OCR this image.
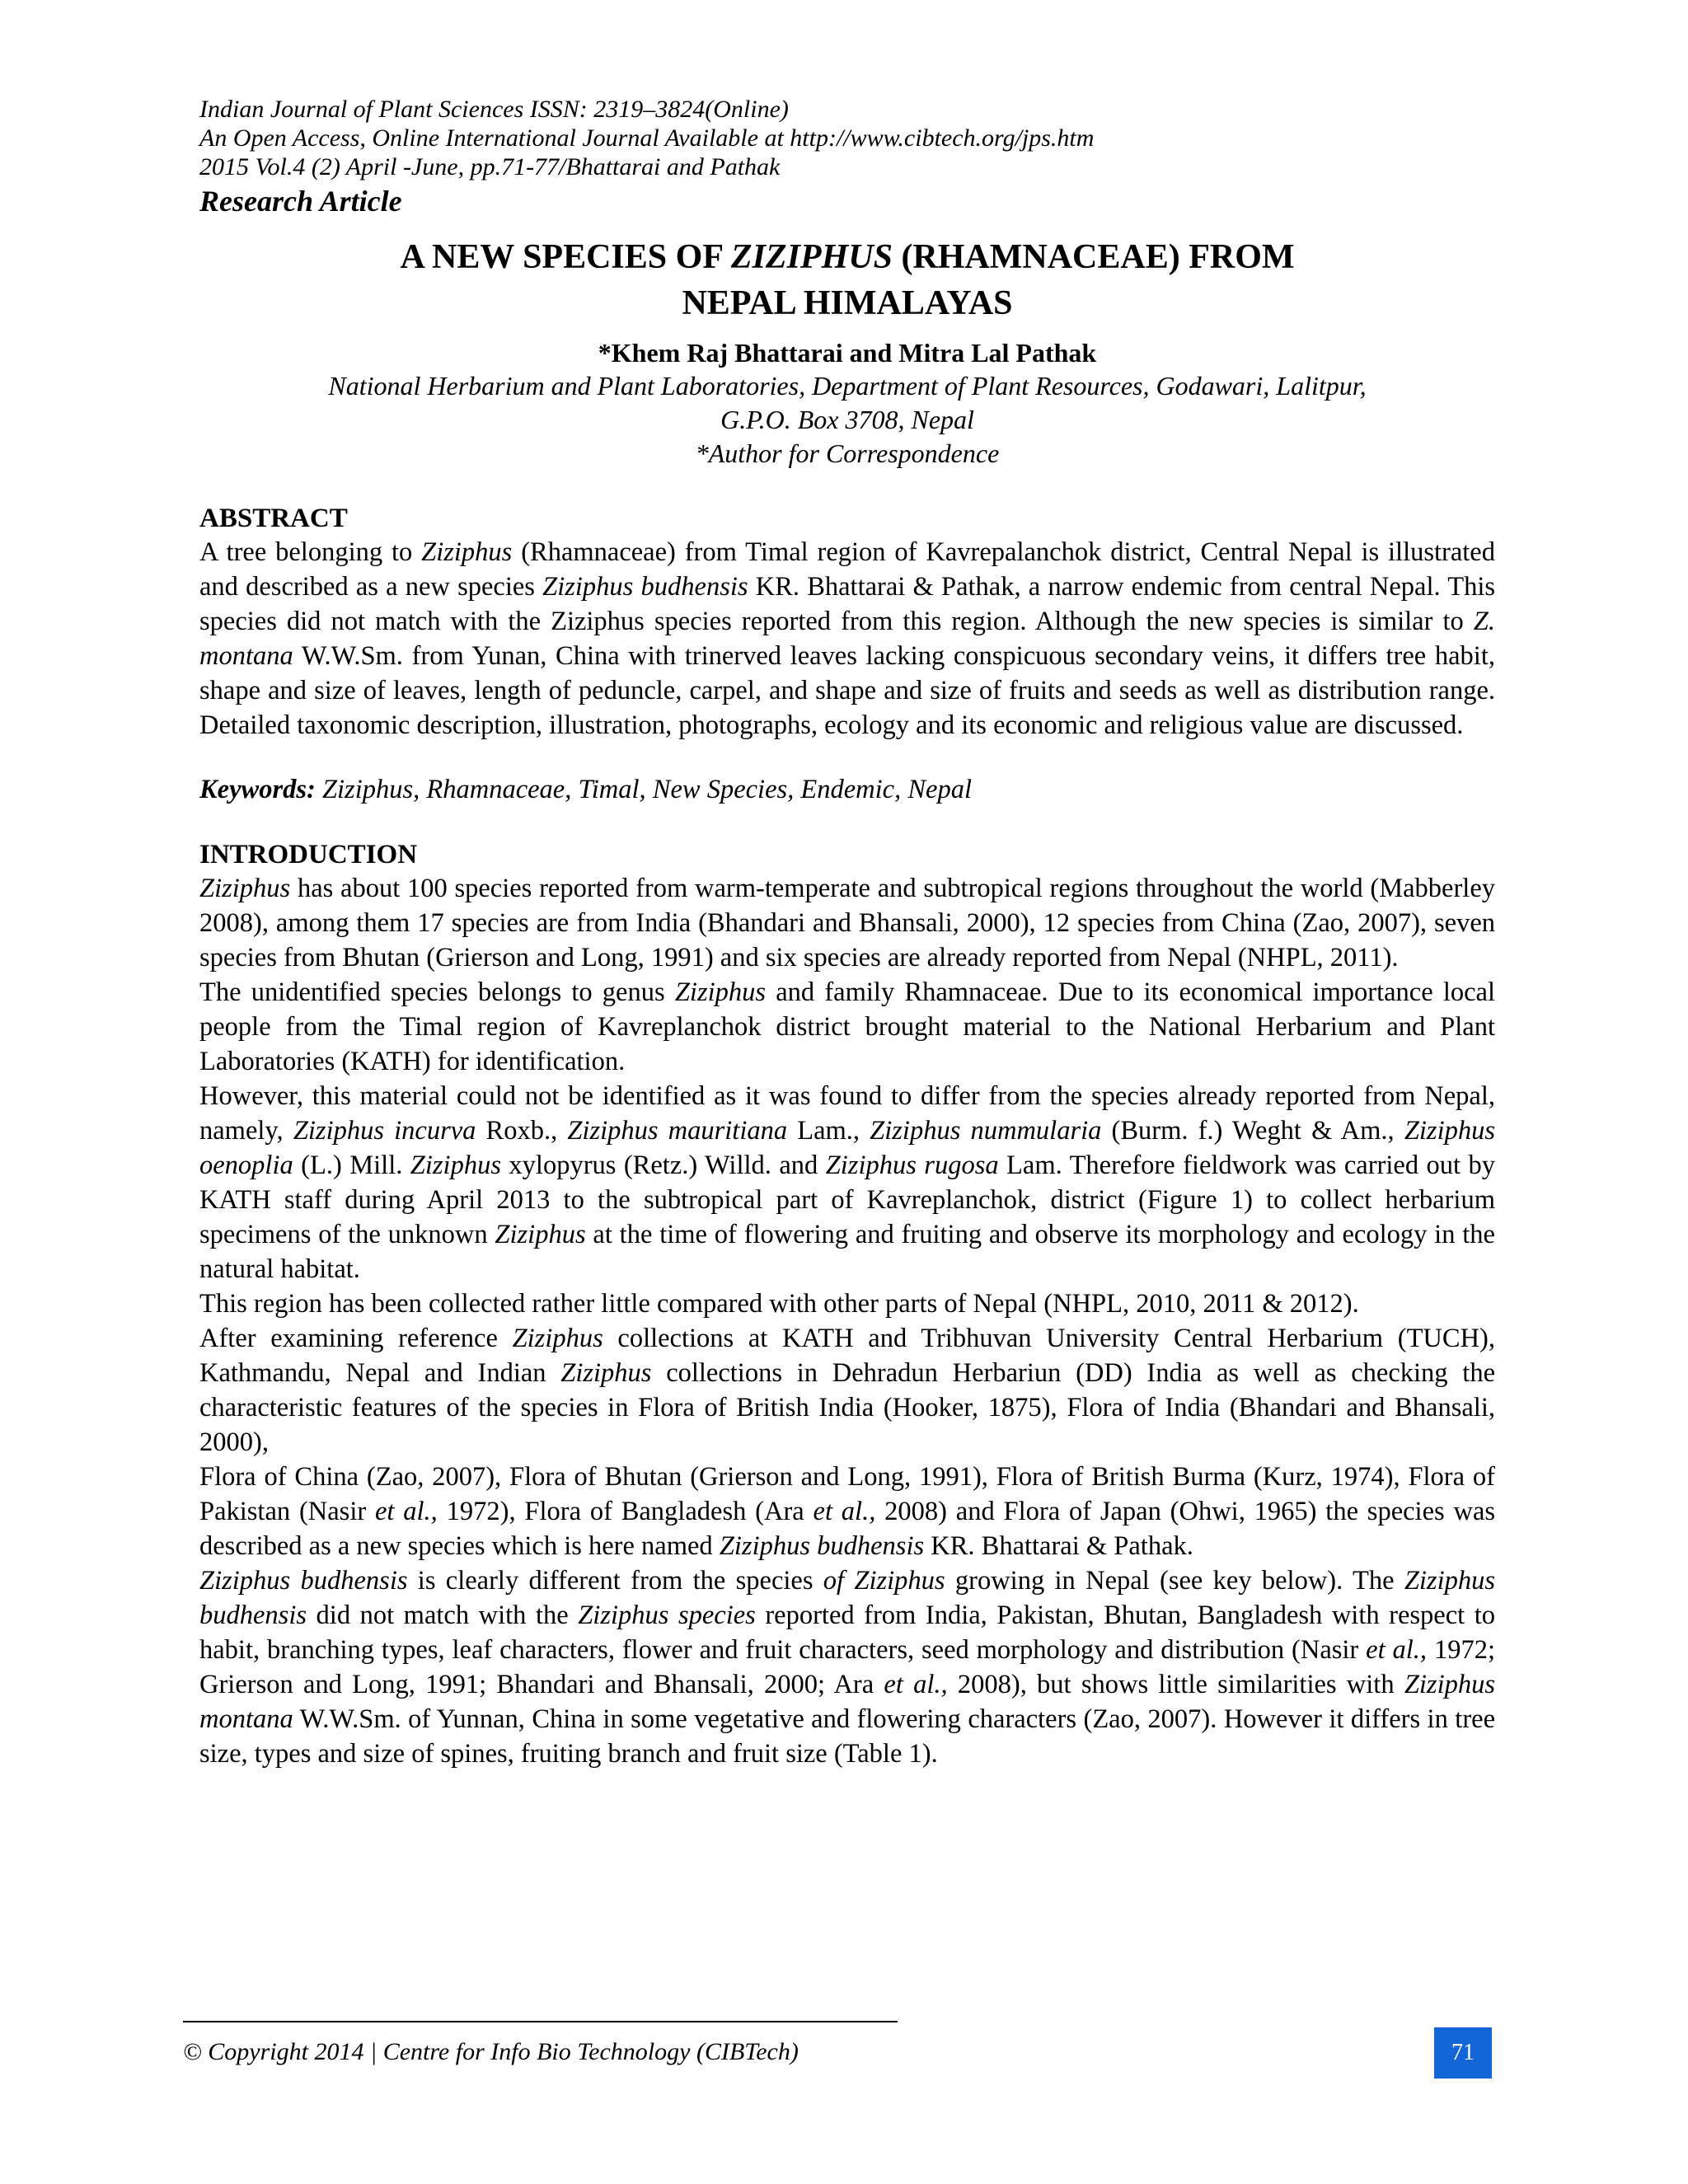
Indian Journal of Plant Sciences ISSN: 2319–3824(Online)

An Open Access, Online International Journal Available at http://www.cibtech.org/jps.htm

2015 Vol.4 (2) April -June, pp.71-77/Bhattarai and Pathak

Research Article

A NEW SPECIES OF ZIZIPHUS (RHAMNACEAE) FROM
NEPAL HIMALAYAS
*Khem Raj Bhattarai and Mitra Lal Pathak
National Herbarium and Plant Laboratories, Department of Plant Resources, Godawari, Lalitpur,
G.P.O. Box 3708, Nepal
*Author for Correspondence
ABSTRACT

A tree belonging to Ziziphus (Rhamnaceae) from Timal region of Kavrepalanchok district, Central Nepal is illustrated and described as a new species Ziziphus budhensis KR. Bhattarai & Pathak, a narrow endemic from central Nepal. This species did not match with the Ziziphus species reported from this region. Although the new species is similar to Z. montana W.W.Sm. from Yunan, China with trinerved leaves lacking conspicuous secondary veins, it differs tree habit, shape and size of leaves, length of peduncle, carpel, and shape and size of fruits and seeds as well as distribution range. Detailed taxonomic description, illustration, photographs, ecology and its economic and religious value are discussed.

Keywords: Ziziphus, Rhamnaceae, Timal, New Species, Endemic, Nepal

INTRODUCTION

Ziziphus has about 100 species reported from warm-temperate and subtropical regions throughout the world (Mabberley 2008), among them 17 species are from India (Bhandari and Bhansali, 2000), 12 species from China (Zao, 2007), seven species from Bhutan (Grierson and Long, 1991) and six species are already reported from Nepal (NHPL, 2011).

The unidentified species belongs to genus Ziziphus and family Rhamnaceae. Due to its economical importance local people from the Timal region of Kavreplanchok district brought material to the National Herbarium and Plant Laboratories (KATH) for identification.

However, this material could not be identified as it was found to differ from the species already reported from Nepal, namely, Ziziphus incurva Roxb., Ziziphus mauritiana Lam., Ziziphus nummularia (Burm. f.) Weght & Am., Ziziphus oenoplia (L.) Mill. Ziziphus xylopyrus (Retz.) Willd. and Ziziphus rugosa Lam. Therefore fieldwork was carried out by KATH staff during April 2013 to the subtropical part of Kavreplanchok, district (Figure 1) to collect herbarium specimens of the unknown Ziziphus at the time of flowering and fruiting and observe its morphology and ecology in the natural habitat.

This region has been collected rather little compared with other parts of Nepal (NHPL, 2010, 2011 & 2012).

After examining reference Ziziphus collections at KATH and Tribhuvan University Central Herbarium (TUCH), Kathmandu, Nepal and Indian Ziziphus collections in Dehradun Herbariun (DD) India as well as checking the characteristic features of the species in Flora of British India (Hooker, 1875), Flora of India (Bhandari and Bhansali, 2000),

Flora of China (Zao, 2007), Flora of Bhutan (Grierson and Long, 1991), Flora of British Burma (Kurz, 1974), Flora of Pakistan (Nasir et al., 1972), Flora of Bangladesh (Ara et al., 2008) and Flora of Japan (Ohwi, 1965) the species was described as a new species which is here named Ziziphus budhensis KR. Bhattarai & Pathak.

Ziziphus budhensis is clearly different from the species of Ziziphus growing in Nepal (see key below). The Ziziphus budhensis did not match with the Ziziphus species reported from India, Pakistan, Bhutan, Bangladesh with respect to habit, branching types, leaf characters, flower and fruit characters, seed morphology and distribution (Nasir et al., 1972; Grierson and Long, 1991; Bhandari and Bhansali, 2000; Ara et al., 2008), but shows little similarities with Ziziphus montana W.W.Sm. of Yunnan, China in some vegetative and flowering characters (Zao, 2007). However it differs in tree size, types and size of spines, fruiting branch and fruit size (Table 1).

© Copyright 2014 | Centre for Info Bio Technology (CIBTech)	71
